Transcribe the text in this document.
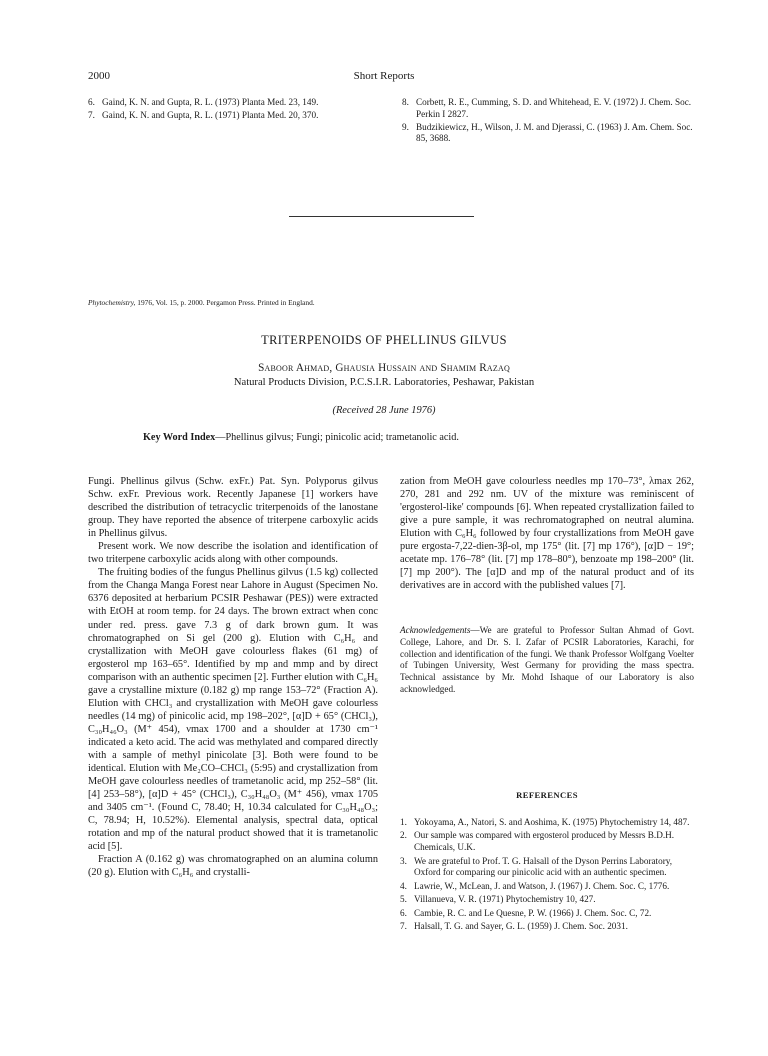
2000	Short Reports
6. Gaind, K. N. and Gupta, R. L. (1973) Planta Med. 23, 149.
7. Gaind, K. N. and Gupta, R. L. (1971) Planta Med. 20, 370.
8. Corbett, R. E., Cumming, S. D. and Whitehead, E. V. (1972) J. Chem. Soc. Perkin I 2827.
9. Budzikiewicz, H., Wilson, J. M. and Djerassi, C. (1963) J. Am. Chem. Soc. 85, 3688.
Phytochemistry, 1976, Vol. 15, p. 2000. Pergamon Press. Printed in England.
TRITERPENOIDS OF PHELLINUS GILVUS
Saboor Ahmad, Ghausia Hussain and Shamim Razaq
Natural Products Division, P.C.S.I.R. Laboratories, Peshawar, Pakistan
(Received 28 June 1976)
Key Word Index—Phellinus gilvus; Fungi; pinicolic acid; trametanolic acid.

Fungi. Phellinus gilvus (Schw. exFr.) Pat. Syn. Polyporus gilvus Schw. exFr. Previous work. Recently Japanese [1] workers have described the distribution of tetracyclic triterpenoids of the lanostane group. They have reported the absence of triterpene carboxylic acids in Phellinus gilvus.

Present work. We now describe the isolation and identification of two triterpene carboxylic acids along with other compounds.

The fruiting bodies of the fungus Phellinus gilvus (1.5 kg) collected from the Changa Manga Forest near Lahore in August (Specimen No. 6376 deposited at herbarium PCSIR Peshawar (PES)) were extracted with EtOH at room temp. for 24 days. The brown extract when conc under red. press. gave 7.3 g of dark brown gum. It was chromatographed on Si gel (200 g). Elution with C₆H₆ and crystallization with MeOH gave colourless flakes (61 mg) of ergosterol mp 163–65°. Identified by mp and mmp and by direct comparison with an authentic specimen [2]. Further elution with C₆H₆ gave a crystalline mixture (0.182 g) mp range 153–72° (Fraction A). Elution with CHCl₃ and crystallization with MeOH gave colourless needles (14 mg) of pinicolic acid, mp 198–202°, [α]D + 65° (CHCl₃), C₃₀H₄₆O₃ (M⁺ 454), νmax 1700 and a shoulder at 1730 cm⁻¹ indicated a keto acid. The acid was methylated and compared directly with a sample of methyl pinicolate [3]. Both were found to be identical. Elution with Me₂CO–CHCl₃ (5:95) and crystallization from MeOH gave colourless needles of trametanolic acid, mp 252–58° (lit. [4] 253–58°), [α]D + 45° (CHCl₃), C₃₀H₄₈O₃ (M⁺ 456), νmax 1705 and 3405 cm⁻¹. (Found C, 78.40; H, 10.34 calculated for C₃₀H₄₈O₃; C, 78.94; H, 10.52%). Elemental analysis, spectral data, optical rotation and mp of the natural product showed that it is trametanolic acid [5].

Fraction A (0.162 g) was chromatographed on an alumina column (20 g). Elution with C₆H₆ and crystalli-

zation from MeOH gave colourless needles mp 170–73°, λmax 262, 270, 281 and 292 nm. UV of the mixture was reminiscent of 'ergosterol-like' compounds [6]. When repeated crystallization failed to give a pure sample, it was rechromatographed on neutral alumina. Elution with C₆H₆ followed by four crystallizations from MeOH gave pure ergosta-7,22-dien-3β-ol, mp 175° (lit. [7] mp 176°), [α]D − 19°; acetate mp. 176–78° (lit. [7] mp 178–80°), benzoate mp 198–200° (lit. [7] mp 200°). The [α]D and mp of the natural product and of its derivatives are in accord with the published values [7].

Acknowledgements—We are grateful to Professor Sultan Ahmad of Govt. College, Lahore, and Dr. S. I. Zafar of PCSIR Laboratories, Karachi, for collection and identification of the fungi. We thank Professor Wolfgang Voelter of Tubingen University, West Germany for providing the mass spectra. Technical assistance by Mr. Mohd Ishaque of our Laboratory is also acknowledged.
REFERENCES
1. Yokoyama, A., Natori, S. and Aoshima, K. (1975) Phytochemistry 14, 487.
2. Our sample was compared with ergosterol produced by Messrs B.D.H. Chemicals, U.K.
3. We are grateful to Prof. T. G. Halsall of the Dyson Perrins Laboratory, Oxford for comparing our pinicolic acid with an authentic specimen.
4. Lawrie, W., McLean, J. and Watson, J. (1967) J. Chem. Soc. C, 1776.
5. Villanueva, V. R. (1971) Phytochemistry 10, 427.
6. Cambie, R. C. and Le Quesne, P. W. (1966) J. Chem. Soc. C, 72.
7. Halsall, T. G. and Sayer, G. L. (1959) J. Chem. Soc. 2031.
